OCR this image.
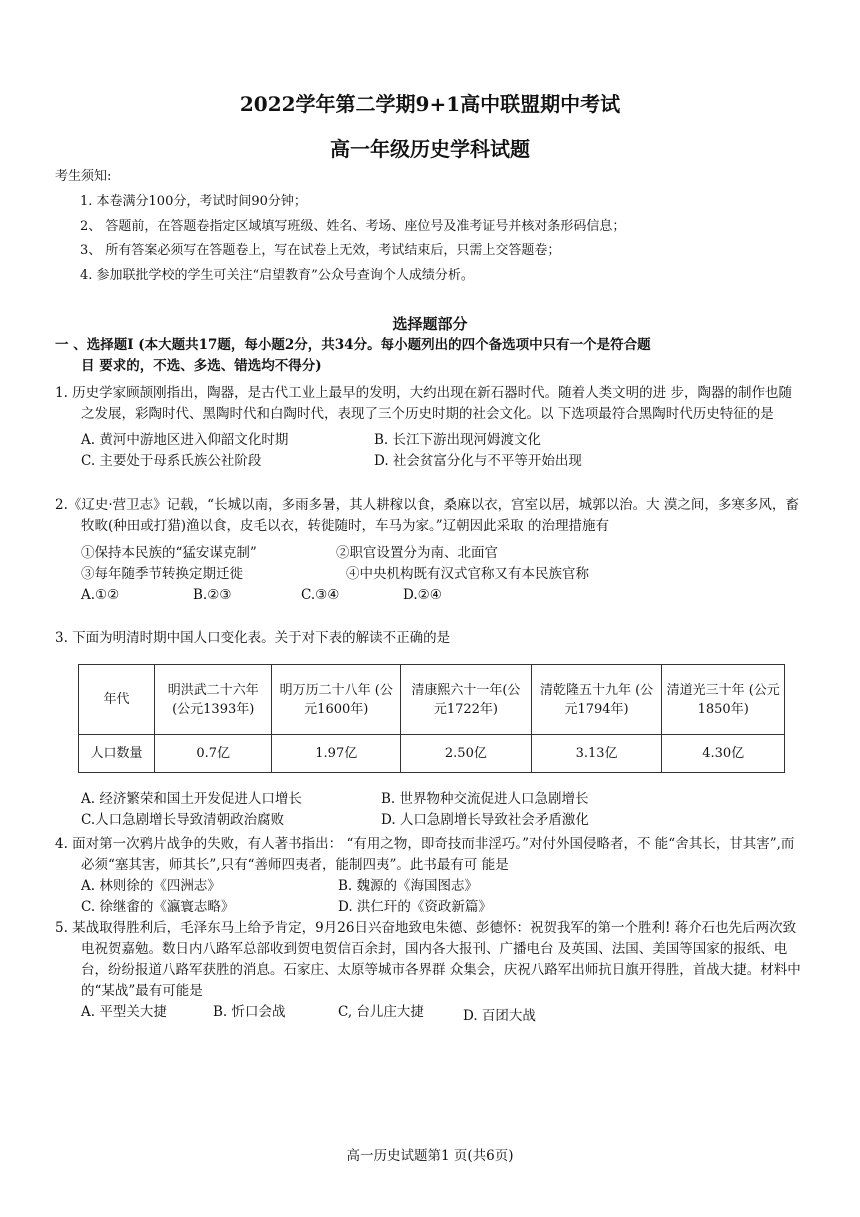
2022学年第二学期9+1高中联盟期中考试
高一年级历史学科试题
考生须知:
1. 本卷满分100分，考试时间90分钟；
2、 答题前，在答题卷指定区域填写班级、姓名、考场、座位号及准考证号并核对条形码信息；
3、 所有答案必须写在答题卷上，写在试卷上无效，考试结束后，只需上交答题卷；
4. 参加联批学校的学生可关注“启望教育”公众号查询个人成绩分析。
选择题部分
一 、选择题Ⅰ (本大题共17题，每小题2分，共34分。每小题列出的四个备选项中只有一个是符合题
目 要求的，不选、多选、错选均不得分)
1. 历史学家顾颉刚指出，陶器，是古代工业上最早的发明，大约出现在新石器时代。随着人类文明的进 步，陶器的制作也随之发展，彩陶时代、黑陶时代和白陶时代，表现了三个历史时期的社会文化。以 下选项最符合黑陶时代历史特征的是
A. 黄河中游地区进入仰韶文化时期	B. 长江下游出现河姆渡文化
C. 主要处于母系氏族公社阶段	D. 社会贫富分化与不平等开始出现
2.《辽史·营卫志》记载，“长城以南，多雨多暑，其人耕稼以食，桑麻以衣，宫室以居，城郭以治。大 漠之间，多寒多风，畜牧畋(种田或打猎)渔以食，皮毛以衣，转徙随时，车马为家。”辽朝因此采取 的治理措施有
①保持本民族的“猛安谋克制”	②职官设置分为南、北面官
③每年随季节转换定期迁徙	④中央机构既有汉式官称又有本民族官称
A.①②	B.②③	C.③④	D.②④
3. 下面为明清时期中国人口变化表。关于对下表的解读不正确的是
年代	明洪武二十六年 (公元1393年)	明万历二十八年 (公元1600年)	清康熙六十一年(公元1722年)	清乾隆五十九年 (公元1794年)	清道光三十年 (公元1850年)
人口数量	0.7亿	1.97亿	2.50亿	3.13亿	4.30亿
A. 经济繁荣和国土开发促进人口增长	B. 世界物种交流促进人口急剧增长
C.人口急剧增长导致清朝政治腐败	D. 人口急剧增长导致社会矛盾激化
4. 面对第一次鸦片战争的失败，有人著书指出： “有用之物，即奇技而非淫巧。”对付外国侵略者，不 能“舍其长，甘其害”,而必须“塞其害，师其长”,只有“善师四夷者，能制四夷”。此书最有可 能是
A. 林则徐的《四洲志》	B. 魏源的《海国图志》
C. 徐继畬的《瀛寰志略》	D. 洪仁玕的《资政新篇》
5. 某战取得胜利后，毛泽东马上给予肯定，9月26日兴奋地致电朱德、彭德怀：祝贺我军的第一个胜利! 蒋介石也先后两次致电祝贺嘉勉。数日内八路军总部收到贺电贺信百余封，国内各大报刊、广播电台 及英国、法国、美国等国家的报纸、电台，纷纷报道八路军获胜的消息。石家庄、太原等城市各界群 众集会，庆祝八路军出师抗日旗开得胜，首战大捷。材料中的“某战”最有可能是
A. 平型关大捷	B. 忻口会战	C, 台儿庄大捷	D. 百团大战
高一历史试题第1 页(共6页)
